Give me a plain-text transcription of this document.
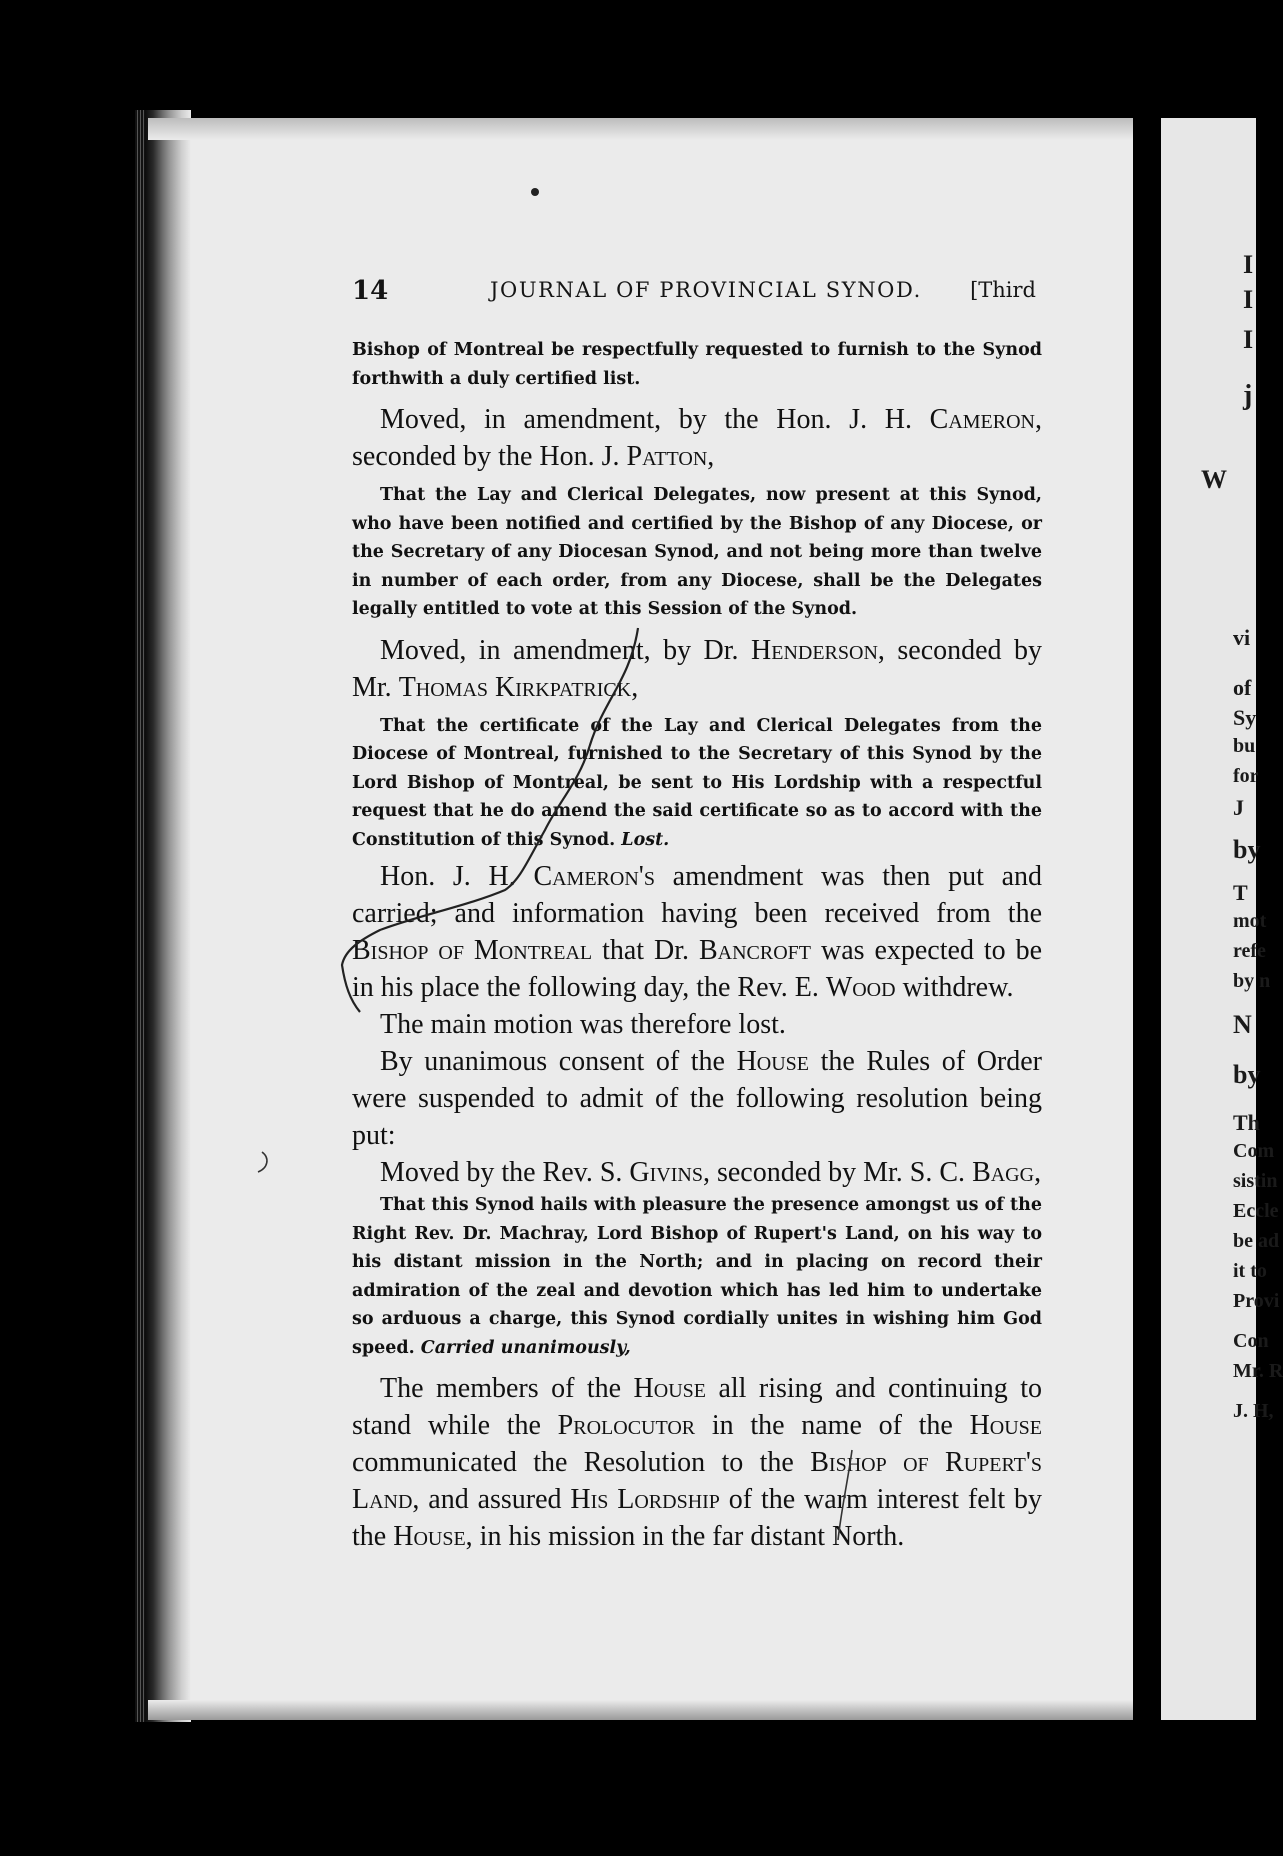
I
I
I
j
W
vi
of
Sy
bu
for
J
by
T
mot
refe
by n
N
by
Th
Com
sistin
Eccle
be ad
it to
Provi
Con
Mr. R
J. H,
14	JOURNAL OF PROVINCIAL SYNOD. [Third

Bishop of Montreal be respectfully requested to furnish to the Synod forthwith a duly certified list.

Moved, in amendment, by the Hon. J. H. Cameron, seconded by the Hon. J. Patton,

That the Lay and Clerical Delegates, now present at this Synod, who have been notified and certified by the Bishop of any Diocese, or the Secretary of any Diocesan Synod, and not being more than twelve in number of each order, from any Diocese, shall be the Delegates legally entitled to vote at this Session of the Synod.

Moved, in amendment, by Dr. Henderson, seconded by Mr. Thomas Kirkpatrick,

That the certificate of the Lay and Clerical Delegates from the Diocese of Montreal, furnished to the Secretary of this Synod by the Lord Bishop of Montreal, be sent to His Lordship with a respectful request that he do amend the said certificate so as to accord with the Constitution of this Synod. Lost.

Hon. J. H. Cameron's amendment was then put and carried; and information having been received from the Bishop of Montreal that Dr. Bancroft was expected to be in his place the following day, the Rev. E. Wood withdrew.

The main motion was therefore lost.

By unanimous consent of the House the Rules of Order were suspended to admit of the following resolution being put:

Moved by the Rev. S. Givins, seconded by Mr. S. C. Bagg,

That this Synod hails with pleasure the presence amongst us of the Right Rev. Dr. Machray, Lord Bishop of Rupert's Land, on his way to his distant mission in the North; and in placing on record their admiration of the zeal and devotion which has led him to undertake so arduous a charge, this Synod cordially unites in wishing him God speed. Carried unanimously,

The members of the House all rising and continuing to stand while the Prolocutor in the name of the House communicated the Resolution to the Bishop of Rupert's Land, and assured His Lordship of the warm interest felt by the House, in his mission in the far distant North.
